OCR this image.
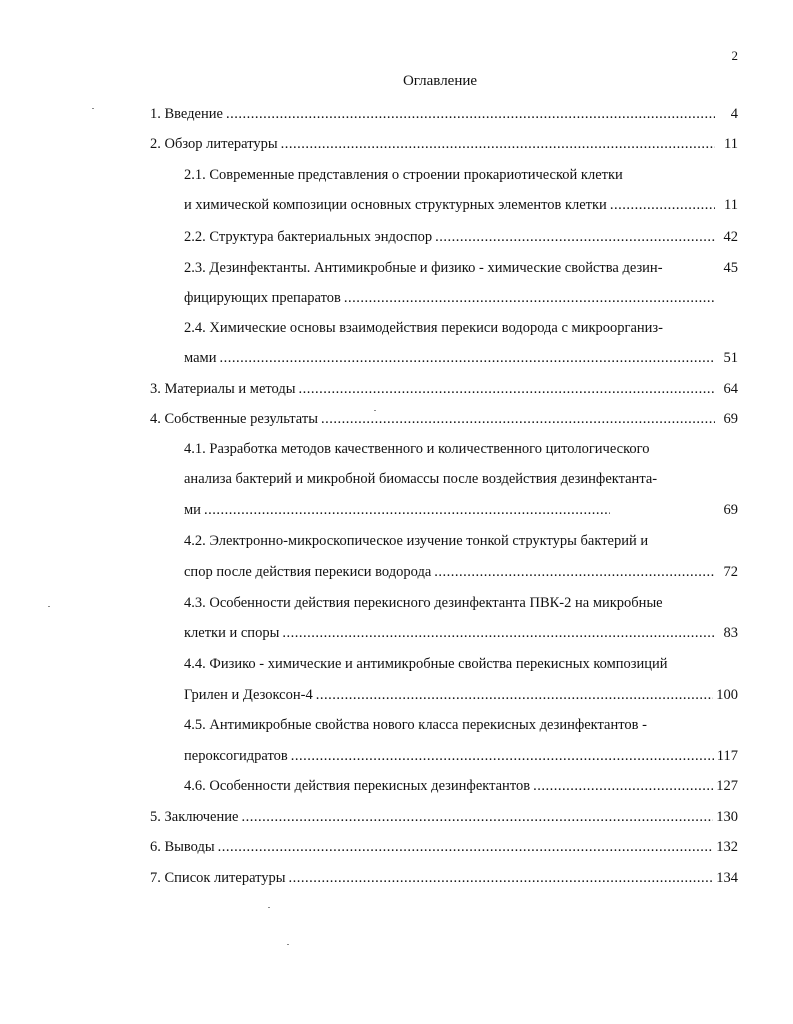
2
Оглавление
1. Введение .....	4
2. Обзор литературы .....	11
2.1. Современные представления о строении прокариотической клетки
и химической композиции основных структурных элементов клетки .....	11
2.2. Структура бактериальных эндоспор .....	42
2.3. Дезинфектанты. Антимикробные и физико - химические свойства дезин-	45
фицирующих препаратов
.....
2.4. Химические основы взаимодействия перекиси водорода с микроорганиз-
мами .....	51
3. Материалы и методы .....	64
4. Собственные результаты .....	69
4.1. Разработка методов качественного и количественного цитологического
анализа бактерий и микробной биомассы после воздействия дезинфектанта-
ми .....	69
4.2. Электронно-микроскопическое изучение тонкой структуры бактерий и
спор после действия перекиси водорода .....	72
4.3. Особенности действия перекисного дезинфектанта ПВК-2 на микробные
клетки и споры .....	83
4.4. Физико - химические и антимикробные свойства перекисных композиций
Грилен и Дезоксон-4 .....	100
4.5. Антимикробные свойства нового класса перекисных дезинфектантов -
пероксогидратов .....	117
4.6. Особенности действия перекисных дезинфектантов .....	127
5. Заключение .....	130
6. Выводы .....	132
7. Список литературы .....	134
